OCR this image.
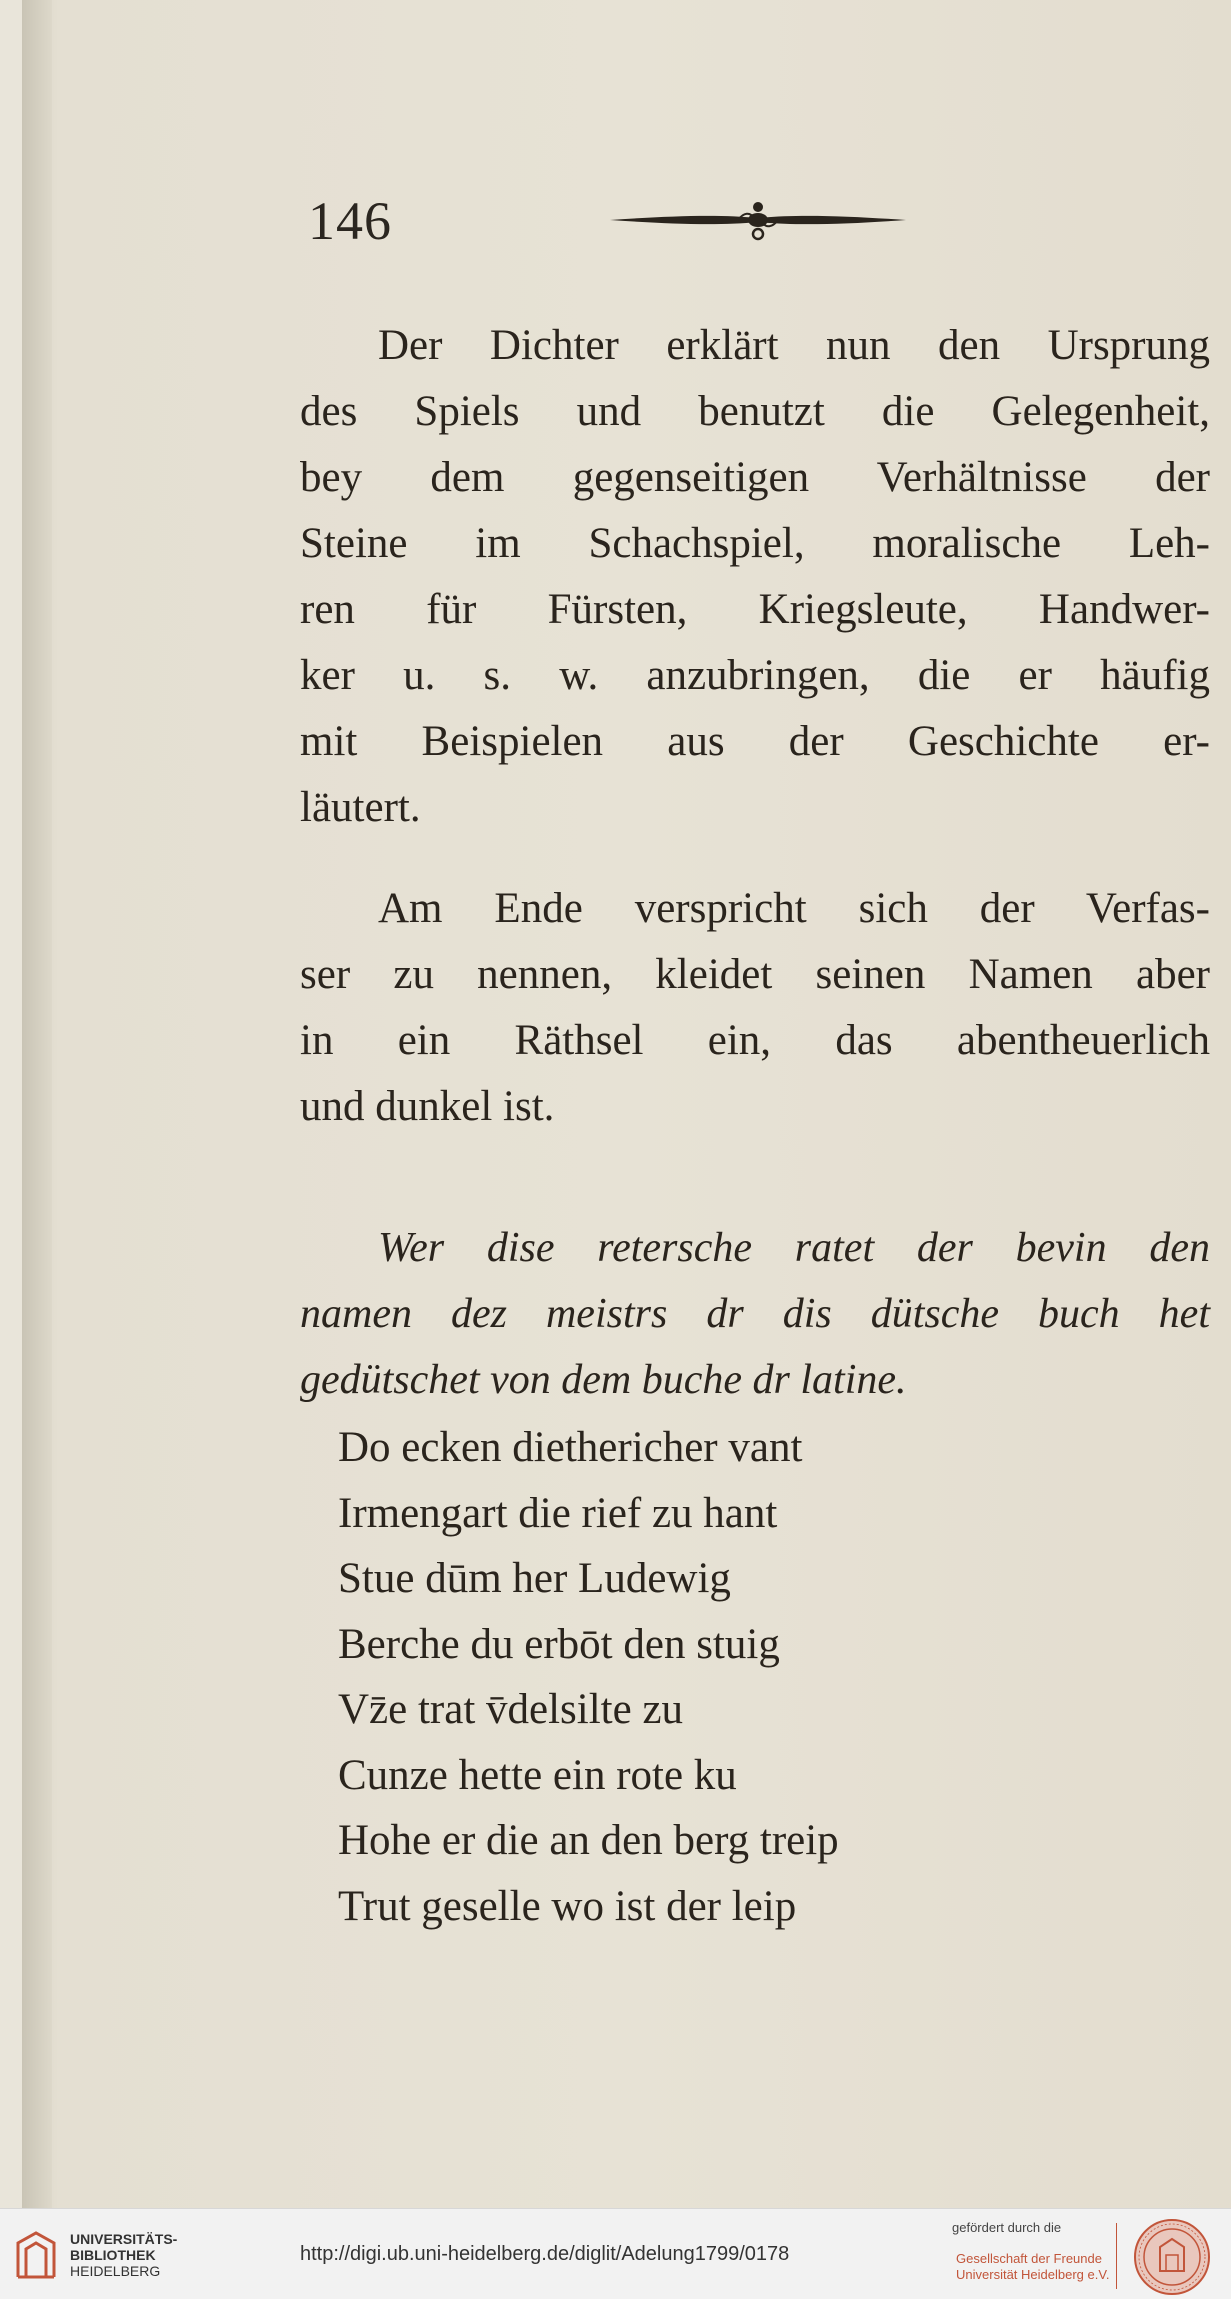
146

Der Dichter erklärt nun den Ursprung
des Spiels und benutzt die Gelegenheit,
bey dem gegenseitigen Verhältnisse der
Steine im Schachspiel, moralische Leh-
ren für Fürsten, Kriegsleute, Handwer-
ker u. s. w. anzubringen, die er häufig
mit Beispielen aus der Geschichte er-
läutert.

Am Ende verspricht sich der Verfas-
ser zu nennen, kleidet seinen Namen aber
in ein Räthsel ein, das abentheuerlich
und dunkel ist.

Wer dise retersche ratet der bevin den
namen dez meistrs dr dis dütsche buch het
gedütschet von dem buche dr latine.

Do ecken diethericher vant
Irmengart die rief zu hant
Stue dūm her Ludewig
Berche du erbōt den stuig
Vz̄e trat v̄delsilte zu
Cunze hette ein rote ku
Hohe er die an den berg treip
Trut geselle wo ist der leip
UNIVERSITÄTS-
BIBLIOTHEK
HEIDELBERG
http://digi.ub.uni-heidelberg.de/diglit/Adelung1799/0178
gefördert durch die
Gesellschaft der Freunde
Universität Heidelberg e.V.
